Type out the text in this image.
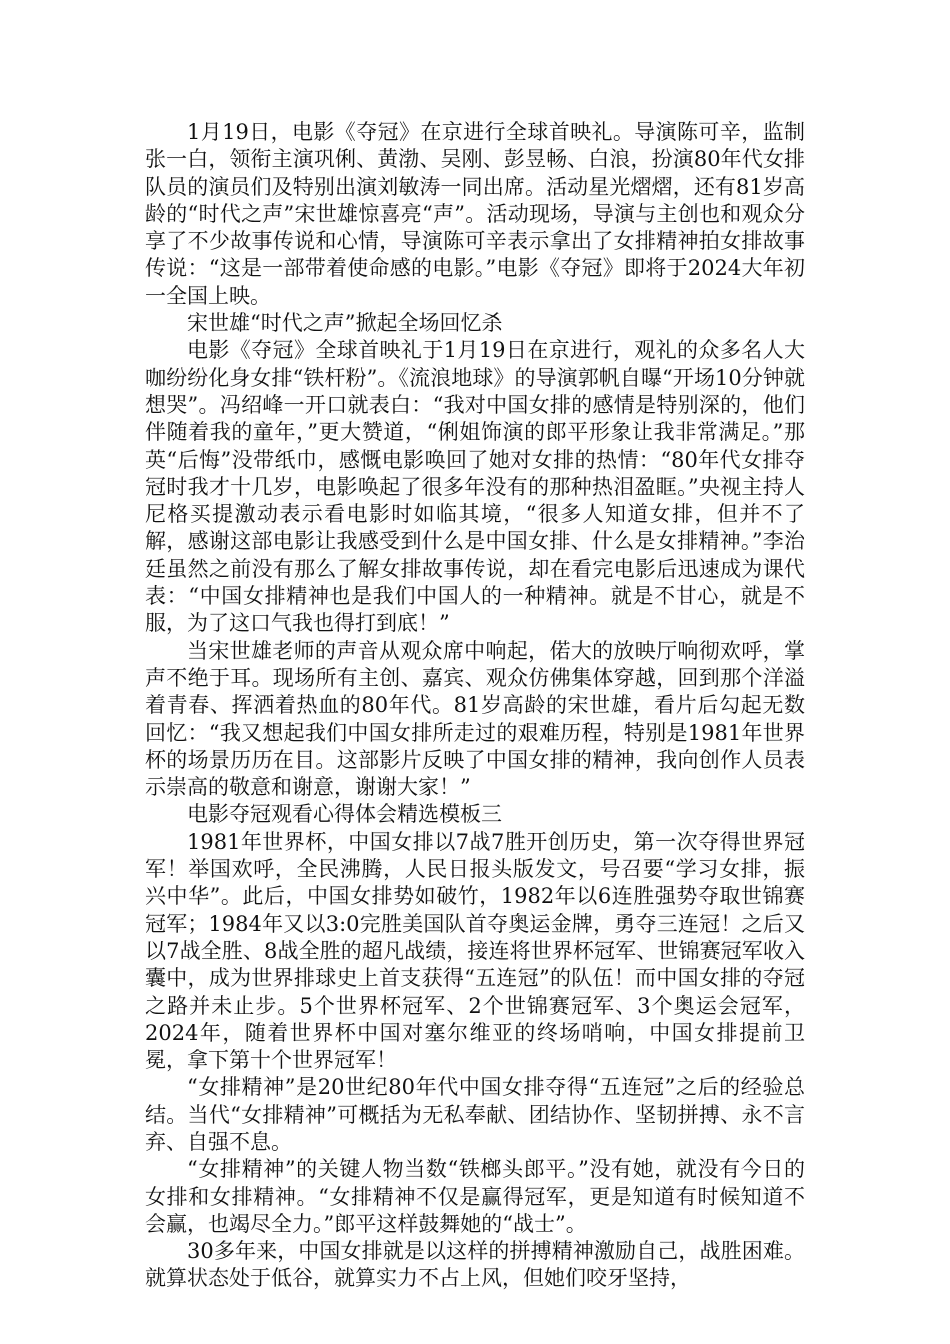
1月19日，电影《夺冠》在京进行全球首映礼。导演陈可辛，监制张一白，领衔主演巩俐、黄渤、吴刚、彭昱畅、白浪，扮演80年代女排队员的演员们及特别出演刘敏涛一同出席。活动星光熠熠，还有81岁高龄的“时代之声”宋世雄惊喜亮“声”。活动现场，导演与主创也和观众分享了不少故事传说和心情，导演陈可辛表示拿出了女排精神拍女排故事传说：“这是一部带着使命感的电影。”电影《夺冠》即将于2024大年初一全国上映。

宋世雄“时代之声”掀起全场回忆杀

电影《夺冠》全球首映礼于1月19日在京进行，观礼的众多名人大咖纷纷化身女排“铁杆粉”。《流浪地球》的导演郭帆自曝“开场10分钟就想哭”。冯绍峰一开口就表白：“我对中国女排的感情是特别深的，他们伴随着我的童年，”更大赞道，“俐姐饰演的郎平形象让我非常满足。”那英“后悔”没带纸巾，感慨电影唤回了她对女排的热情：“80年代女排夺冠时我才十几岁，电影唤起了很多年没有的那种热泪盈眶。”央视主持人尼格买提激动表示看电影时如临其境，“很多人知道女排，但并不了解，感谢这部电影让我感受到什么是中国女排、什么是女排精神。”李治廷虽然之前没有那么了解女排故事传说，却在看完电影后迅速成为课代表：“中国女排精神也是我们中国人的一种精神。就是不甘心，就是不服，为了这口气我也得打到底！”

当宋世雄老师的声音从观众席中响起，偌大的放映厅响彻欢呼，掌声不绝于耳。现场所有主创、嘉宾、观众仿佛集体穿越，回到那个洋溢着青春、挥洒着热血的80年代。81岁高龄的宋世雄，看片后勾起无数回忆：“我又想起我们中国女排所走过的艰难历程，特别是1981年世界杯的场景历历在目。这部影片反映了中国女排的精神，我向创作人员表示崇高的敬意和谢意，谢谢大家！”

电影夺冠观看心得体会精选模板三

1981年世界杯，中国女排以7战7胜开创历史，第一次夺得世界冠军！举国欢呼，全民沸腾，人民日报头版发文，号召要“学习女排，振兴中华”。此后，中国女排势如破竹，1982年以6连胜强势夺取世锦赛冠军；1984年又以3:0完胜美国队首夺奥运金牌，勇夺三连冠！之后又以7战全胜、8战全胜的超凡战绩，接连将世界杯冠军、世锦赛冠军收入囊中，成为世界排球史上首支获得“五连冠”的队伍！而中国女排的夺冠之路并未止步。5个世界杯冠军、2个世锦赛冠军、3个奥运会冠军，2024年，随着世界杯中国对塞尔维亚的终场哨响，中国女排提前卫冕，拿下第十个世界冠军！

“女排精神”是20世纪80年代中国女排夺得“五连冠”之后的经验总结。当代“女排精神”可概括为无私奉献、团结协作、坚韧拼搏、永不言弃、自强不息。

“女排精神”的关键人物当数“铁榔头郎平。”没有她，就没有今日的女排和女排精神。“女排精神不仅是赢得冠军，更是知道有时候知道不会赢，也竭尽全力。”郎平这样鼓舞她的“战士”。

30多年来，中国女排就是以这样的拼搏精神激励自己，战胜困难。就算状态处于低谷，就算实力不占上风，但她们咬牙坚持，
